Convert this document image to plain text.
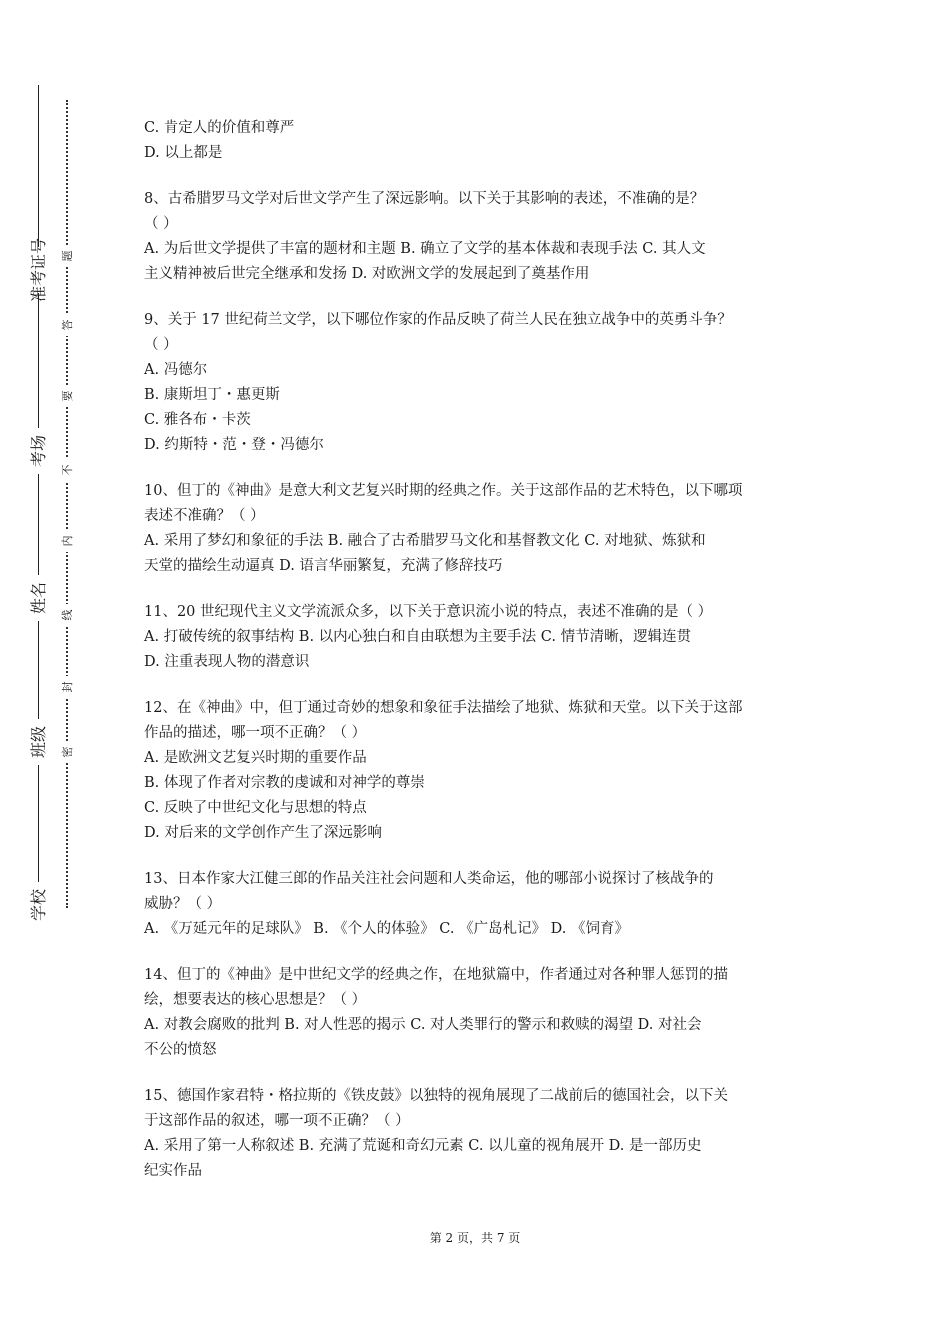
准考证号
考场
姓名
班级
学校
题
答
要
不
内
线
封
密
C. 肯定人的价值和尊严
D. 以上都是
8、古希腊罗马文学对后世文学产生了深远影响。以下关于其影响的表述，不准确的是？
（ ）
A. 为后世文学提供了丰富的题材和主题 B. 确立了文学的基本体裁和表现手法 C. 其人文
主义精神被后世完全继承和发扬 D. 对欧洲文学的发展起到了奠基作用
9、关于 17 世纪荷兰文学，以下哪位作家的作品反映了荷兰人民在独立战争中的英勇斗争？
（ ）
A. 冯德尔
B. 康斯坦丁・惠更斯
C. 雅各布・卡茨
D. 约斯特・范・登・冯德尔
10、但丁的《神曲》是意大利文艺复兴时期的经典之作。关于这部作品的艺术特色，以下哪项
表述不准确？（ ）
A. 采用了梦幻和象征的手法 B. 融合了古希腊罗马文化和基督教文化 C. 对地狱、炼狱和
天堂的描绘生动逼真 D. 语言华丽繁复，充满了修辞技巧
11、20 世纪现代主义文学流派众多，以下关于意识流小说的特点，表述不准确的是（ ）
A. 打破传统的叙事结构 B. 以内心独白和自由联想为主要手法 C. 情节清晰，逻辑连贯
D. 注重表现人物的潜意识
12、在《神曲》中，但丁通过奇妙的想象和象征手法描绘了地狱、炼狱和天堂。以下关于这部
作品的描述，哪一项不正确？（ ）
A. 是欧洲文艺复兴时期的重要作品
B. 体现了作者对宗教的虔诚和对神学的尊崇
C. 反映了中世纪文化与思想的特点
D. 对后来的文学创作产生了深远影响
13、日本作家大江健三郎的作品关注社会问题和人类命运，他的哪部小说探讨了核战争的
威胁？（ ）
A. 《万延元年的足球队》 B. 《个人的体验》 C. 《广岛札记》 D. 《饲育》
14、但丁的《神曲》是中世纪文学的经典之作，在地狱篇中，作者通过对各种罪人惩罚的描
绘，想要表达的核心思想是？（ ）
A. 对教会腐败的批判 B. 对人性恶的揭示 C. 对人类罪行的警示和救赎的渴望 D. 对社会
不公的愤怒
15、德国作家君特・格拉斯的《铁皮鼓》以独特的视角展现了二战前后的德国社会，以下关
于这部作品的叙述，哪一项不正确？（ ）
A. 采用了第一人称叙述 B. 充满了荒诞和奇幻元素 C. 以儿童的视角展开 D. 是一部历史
纪实作品
第 2 页，共 7 页
